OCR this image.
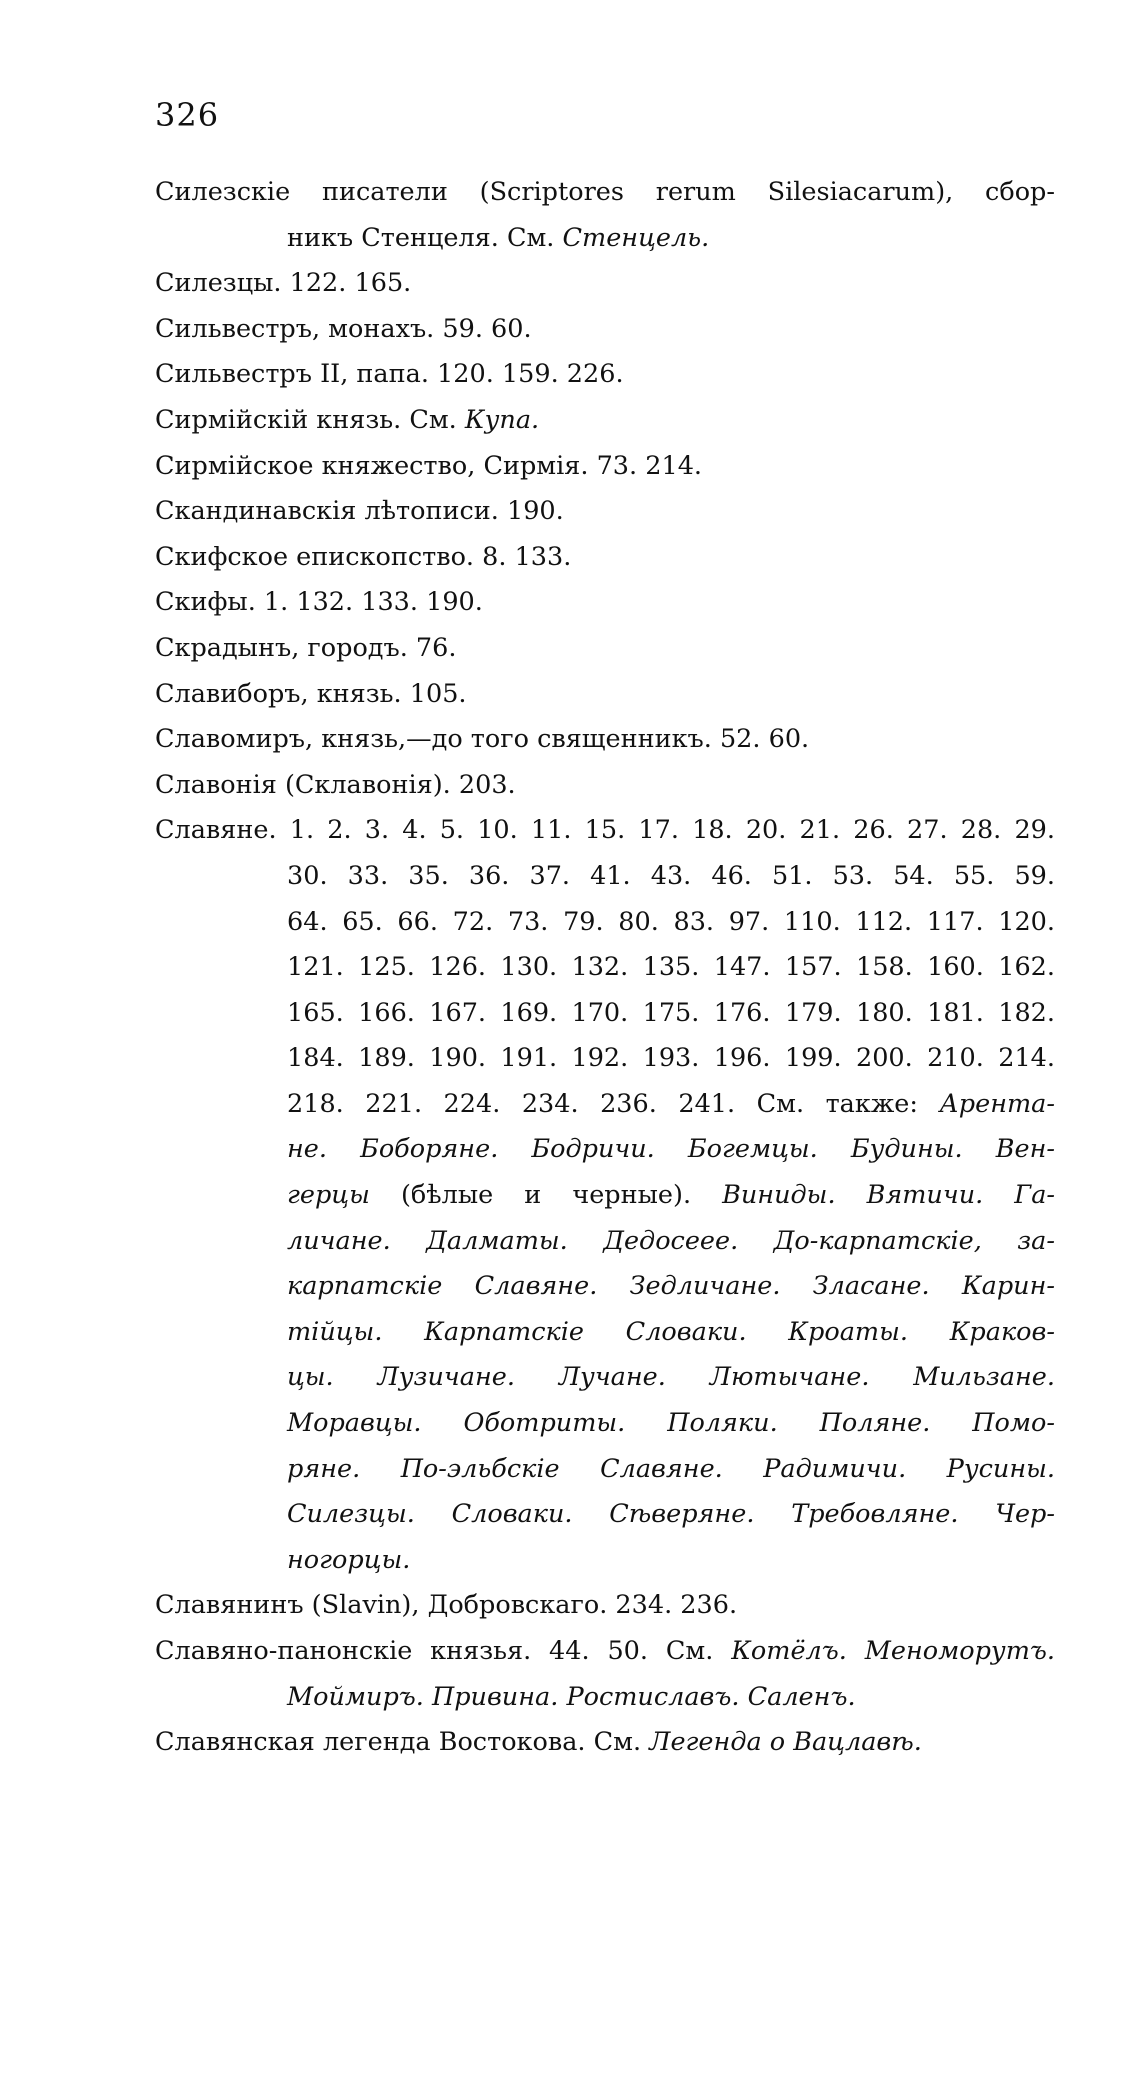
326
Силезскіе писатели (Scriptores rerum Silesiacarum), сбор-
никъ Стенцеля. См. Стенцель.
Силезцы. 122. 165.
Сильвестръ, монахъ. 59. 60.
Сильвестръ II, папа. 120. 159. 226.
Сирмійскій князь. См. Купа.
Сирмійское княжество, Сирмія. 73. 214.
Скандинавскія лѣтописи. 190.
Скифское епископство. 8. 133.
Скифы. 1. 132. 133. 190.
Скрадынъ, городъ. 76.
Славиборъ, князь. 105.
Славомиръ, князь,—до того священникъ. 52. 60.
Славонія (Склавонія). 203.
Славяне. 1. 2. 3. 4. 5. 10. 11. 15. 17. 18. 20. 21. 26. 27. 28. 29.
30. 33. 35. 36. 37. 41. 43. 46. 51. 53. 54. 55. 59.
64. 65. 66. 72. 73. 79. 80. 83. 97. 110. 112. 117. 120.
121. 125. 126. 130. 132. 135. 147. 157. 158. 160. 162.
165. 166. 167. 169. 170. 175. 176. 179. 180. 181. 182.
184. 189. 190. 191. 192. 193. 196. 199. 200. 210. 214.
218. 221. 224. 234. 236. 241. См. также: Арента-
не. Боборяне. Бодричи. Богемцы. Будины. Вен-
герцы (бѣлые и черные). Виниды. Вятичи. Га-
личане. Далматы. Дедосеее. До-карпатскіе, за-
карпатскіе Славяне. Зедличане. Зласане. Карин-
тійцы. Карпатскіе Словаки. Кроаты. Краков-
цы. Лузичане. Лучане. Лютычане. Мильзане.
Моравцы. Оботриты. Поляки. Поляне. Помо-
ряне. По-эльбскіе Славяне. Радимичи. Русины.
Силезцы. Словаки. Сѣверяне. Требовляне. Чер-
ногорцы.
Славянинъ (Slavin), Добровскаго. 234. 236.
Славяно-панонскіе князья. 44. 50. См. Котёлъ. Меноморутъ.
Моймиръ. Привина. Ростиславъ. Саленъ.
Славянская легенда Востокова. См. Легенда о Вацлавѣ.
